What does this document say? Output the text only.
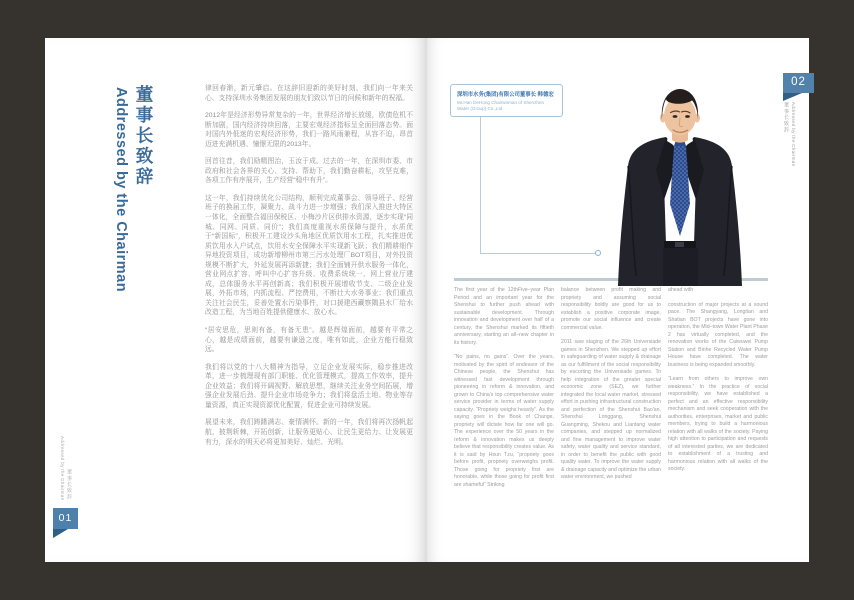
董事长致辞
Addressed by the Chairman	律回春渐，新元肇启。在这辞旧迎新的美好时刻，我们向一年来关心、支持深圳水务集团发展的朋友们致以节日的问候和新年的祝福。

2012年是经济形势异常复杂的一年，世界经济增长放缓，欧债危机不断加剧，国内经济持续回落，主要宏观经济指标呈全面回落态势。面对国内外低迷的宏观经济形势，我们一路风雨兼程，从容不迫，昂首迈进充满机遇、憧憬无限的2013年。

回首往昔，我们励精图治，玉汝于成。过去的一年，在深圳市委、市政府和社会各界的关心、支持、帮助下，我们勤奋耕耘，攻坚克难，各项工作有序展开，生产经营“稳中有升”。

这一年，我们持续优化公司结构，顺利完成董事会、领导班子、经营班子的换届工作，凝聚力、战斗力进一步增强；我们深入推进大特区一体化，全面整合福田保税区、小梅沙片区供排水资源，逐步实现“同城、同网、同质、同价”；我们高度重视水质保障与提升，水质优于“新国标”，积极开工建设沙头角地区优质饮用水工程，扎实推进优质饮用水入户试点，饮用水安全保障水平实现新飞跃；我们精耕细作异地投资项目，成功新增柳州市第三污水处理厂BOT项目，对外投资规模不断扩大，外延发展再添新捷；我们全面铺开供水服务一体化，营业网点扩容、呼叫中心扩容升级、收费系统统一、网上营业厅建成，总体服务水平再创新高；我们积极开展增收节支、二级企业发展，外拓市场，内抓流程、严控费用，不断壮大水务事业；我们重点关注社会民生，妥善处置水污染事件，对口援建西藏察隅县水厂给水改造工程，为当地百姓提供健康水、放心水。

“居安思危，思则有备，有备无患”。越是辉煌面前，越要有平常之心，越是成绩面前，越要有谦逊之度，唯有如此，企业方能行稳致远。

我们将以党的十八大精神为指导，立足企业发展实际，稳步推进改革，进一步梳理现有部门职能、优化管理模式，提高工作效率，提升企业效益；我们将开阔视野、解放思想，继续关注业务空间拓展，增强企业发展后劲、提升企业市场竞争力；我们将盘活土地、物业等存量资源，真正实现资源优化配置，促进企业可持续发展。

展望未来，我们踌躇满志、豪情满怀。新的一年，我们将再次扬帆起航，披荆斩棘，开拓创新，让服务更贴心、让民生更给力、让发展更有力，深水的明天必将更加美好、灿烂、光明。

董事长致辞
Addressed by the Chairman
01
深圳市水务(集团)有限公司董事长 韩德宏
Mr.Han DeHong Chairwoman of Shenzhen Water (Group) Co.,Ltd

The first year of the 12thFive–year Plan Period and an important year for the Shenshui to further push ahead with sustainable development. Through innovation and development over half of a century, the Shenshui marked its fiftieth anniversary, starting an all–new chapter in its history.

“No pains, no gains”. Over the years, motivated by the spirit of endeavor of the Chinese people, the Shenshui has witnessed fast development through pioneering in reform & innovation, and grown to China's top comprehensive water service provider in terms of water supply capacity. “Propriety weighs heavily”. As the saying goes in the Book of Change, propriety will dictate how far one will go. The experience over the 50 years in the reform & innovation makes us deeply believe that responsibility creates value. As it is said by Hsun Tzu, “propriety goes before profit, propriety overweighs profit. Those going for propriety first are honorable, while those going for profit first are shameful” Striking

balance between profit making and propriety and assuming social responsibility boldly are good for us to establish a positive corporate image, promote our social influence and create commercial value.

2011 saw staging of the 26th Universiade games in Shenzhen. We stepped up effort in safeguarding of water supply & drainage as our fulfillment of the social responsibility by escorting the Universiade games. To help integration of the greater special economic zone (SEZ), we further integrated the local water market, stressed effort in pushing infrastructural construction and perfection of the Shenshui Bao'an, Shenshui Longgang, Shenshui Guangming, Shekou and Liantang water companies, and stepped up normalized and fine management to improve water safety, water quality and service standard, in order to benefit the public with good quality water. To improve the water supply & drainage capacity and optimize the urban water environment, we pushed

ahead with

construction of major projects at a sound pace. The Shangyang, Longtian and Shatian BOT projects have gone into operation, the Mid–town Water Plant Phase 2 has virtually completed, and the renovation works of the Caiwuwei Pump Station and Binhe Recycled Water Pump House have completed. The water business is being expanded smoothly.

“Learn from others to improve own weakness.” In the practice of social responsibility, we have established a perfect and an effective responsibility mechanism and seek cooperation with the authorities, enterprises, market and public members, trying to build a harmonious relation with all walks of the society. Paying high attention to participation and requests of all interested parties, we are dedicated to establishment of a trusting and harmonious relation with all walks of the society.

02
Addressed by the Chairman
董事长致辞
